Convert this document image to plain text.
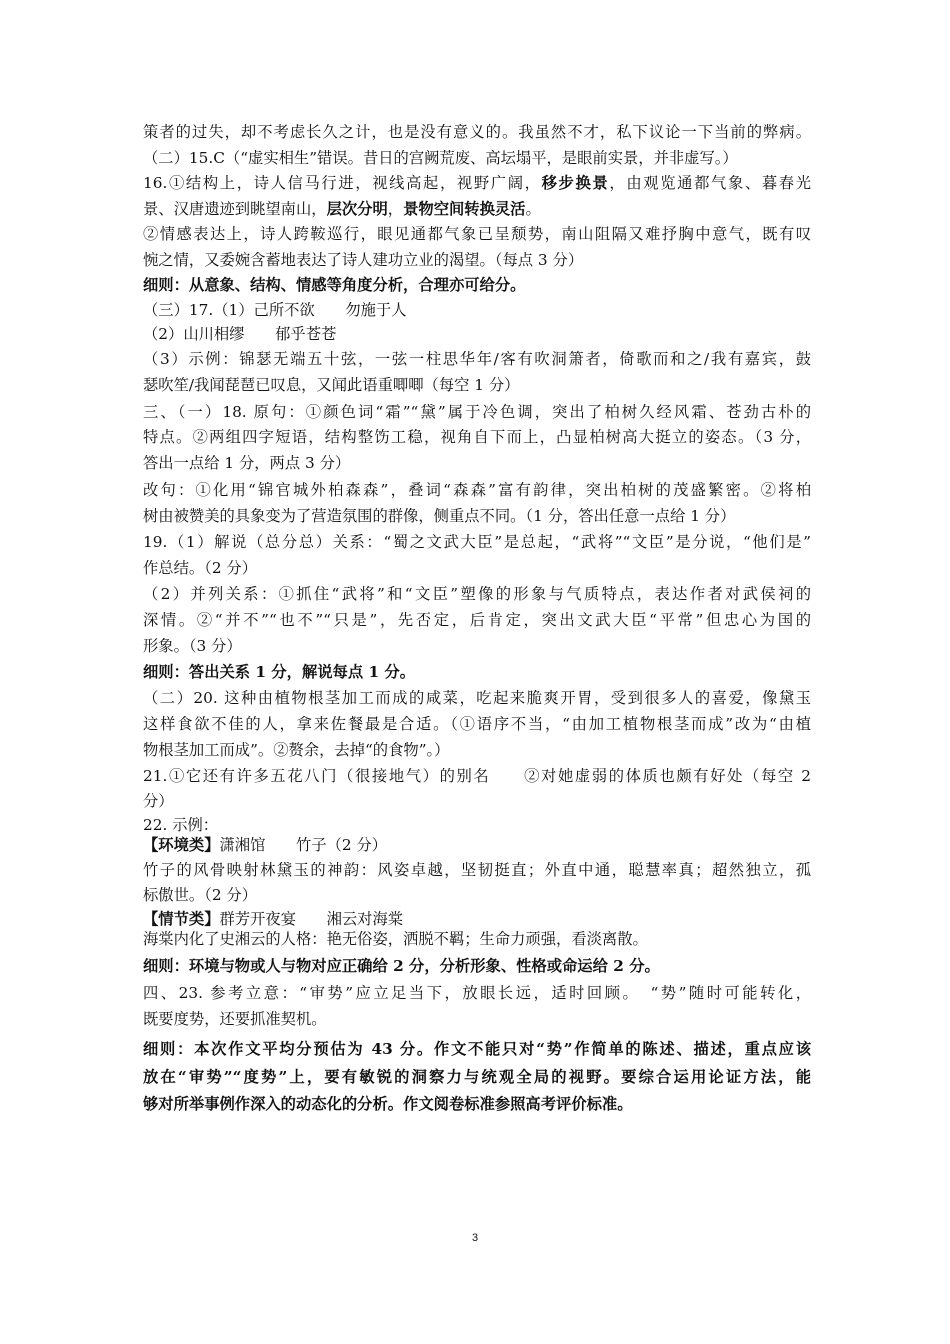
策者的过失，却不考虑长久之计，也是没有意义的。我虽然不才，私下议论一下当前的弊病。
（二）15.C（“虚实相生”错误。昔日的宫阙荒废、高坛塌平，是眼前实景，并非虚写。）
16.①结构上，诗人信马行进，视线高起，视野广阔，移步换景，由观览通都气象、暮春光
景、汉唐遗迹到眺望南山，层次分明，景物空间转换灵活。
②情感表达上，诗人跨鞍巡行，眼见通都气象已呈颓势，南山阻隔又难抒胸中意气，既有叹
惋之情，又委婉含蓄地表达了诗人建功立业的渴望。（每点 3 分）
细则：从意象、结构、情感等角度分析，合理亦可给分。
（三）17.（1）己所不欲　　勿施于人
（2）山川相缪　　郁乎苍苍
（3）示例：锦瑟无端五十弦，一弦一柱思华年/客有吹洞箫者，倚歌而和之/我有嘉宾，鼓
瑟吹笙/我闻琵琶已叹息，又闻此语重唧唧（每空 1 分）
三、（一）18. 原句：①颜色词“霜”“黛”属于冷色调，突出了柏树久经风霜、苍劲古朴的
特点。②两组四字短语，结构整饬工稳，视角自下而上，凸显柏树高大挺立的姿态。（3 分，
答出一点给 1 分，两点 3 分）
改句：①化用“锦官城外柏森森”，叠词“森森”富有韵律，突出柏树的茂盛繁密。②将柏
树由被赞美的具象变为了营造氛围的群像，侧重点不同。（1 分，答出任意一点给 1 分）
19.（1）解说（总分总）关系：“蜀之文武大臣”是总起，“武将”“文臣”是分说，“他们是”
作总结。（2 分）
（2）并列关系：①抓住“武将”和“文臣”塑像的形象与气质特点，表达作者对武侯祠的
深情。②“并不”“也不”“只是”，先否定，后肯定，突出文武大臣“平常”但忠心为国的
形象。（3 分）
细则：答出关系 1 分，解说每点 1 分。
（二）20. 这种由植物根茎加工而成的咸菜，吃起来脆爽开胃，受到很多人的喜爱，像黛玉
这样食欲不佳的人，拿来佐餐最是合适。（①语序不当，“由加工植物根茎而成”改为“由植
物根茎加工而成”。②赘余，去掉“的食物”。）
21.①它还有许多五花八门（很接地气）的别名　　②对她虚弱的体质也颇有好处（每空 2
分）
22. 示例：
【环境类】潇湘馆　　竹子（2 分）
竹子的风骨映射林黛玉的神韵：风姿卓越，坚韧挺直；外直中通，聪慧率真；超然独立，孤
标傲世。（2 分）
【情节类】群芳开夜宴　　湘云对海棠
海棠内化了史湘云的人格：艳无俗姿，洒脱不羁；生命力顽强，看淡离散。
细则：环境与物或人与物对应正确给 2 分，分析形象、性格或命运给 2 分。
四、23. 参考立意：“审势”应立足当下，放眼长远，适时回顾。　“势”随时可能转化，
既要度势，还要抓准契机。
细则：本次作文平均分预估为 43 分。作文不能只对“势”作简单的陈述、描述，重点应该
放在“审势”“度势”上，要有敏锐的洞察力与统观全局的视野。要综合运用论证方法，能
够对所举事例作深入的动态化的分析。作文阅卷标准参照高考评价标准。
3
